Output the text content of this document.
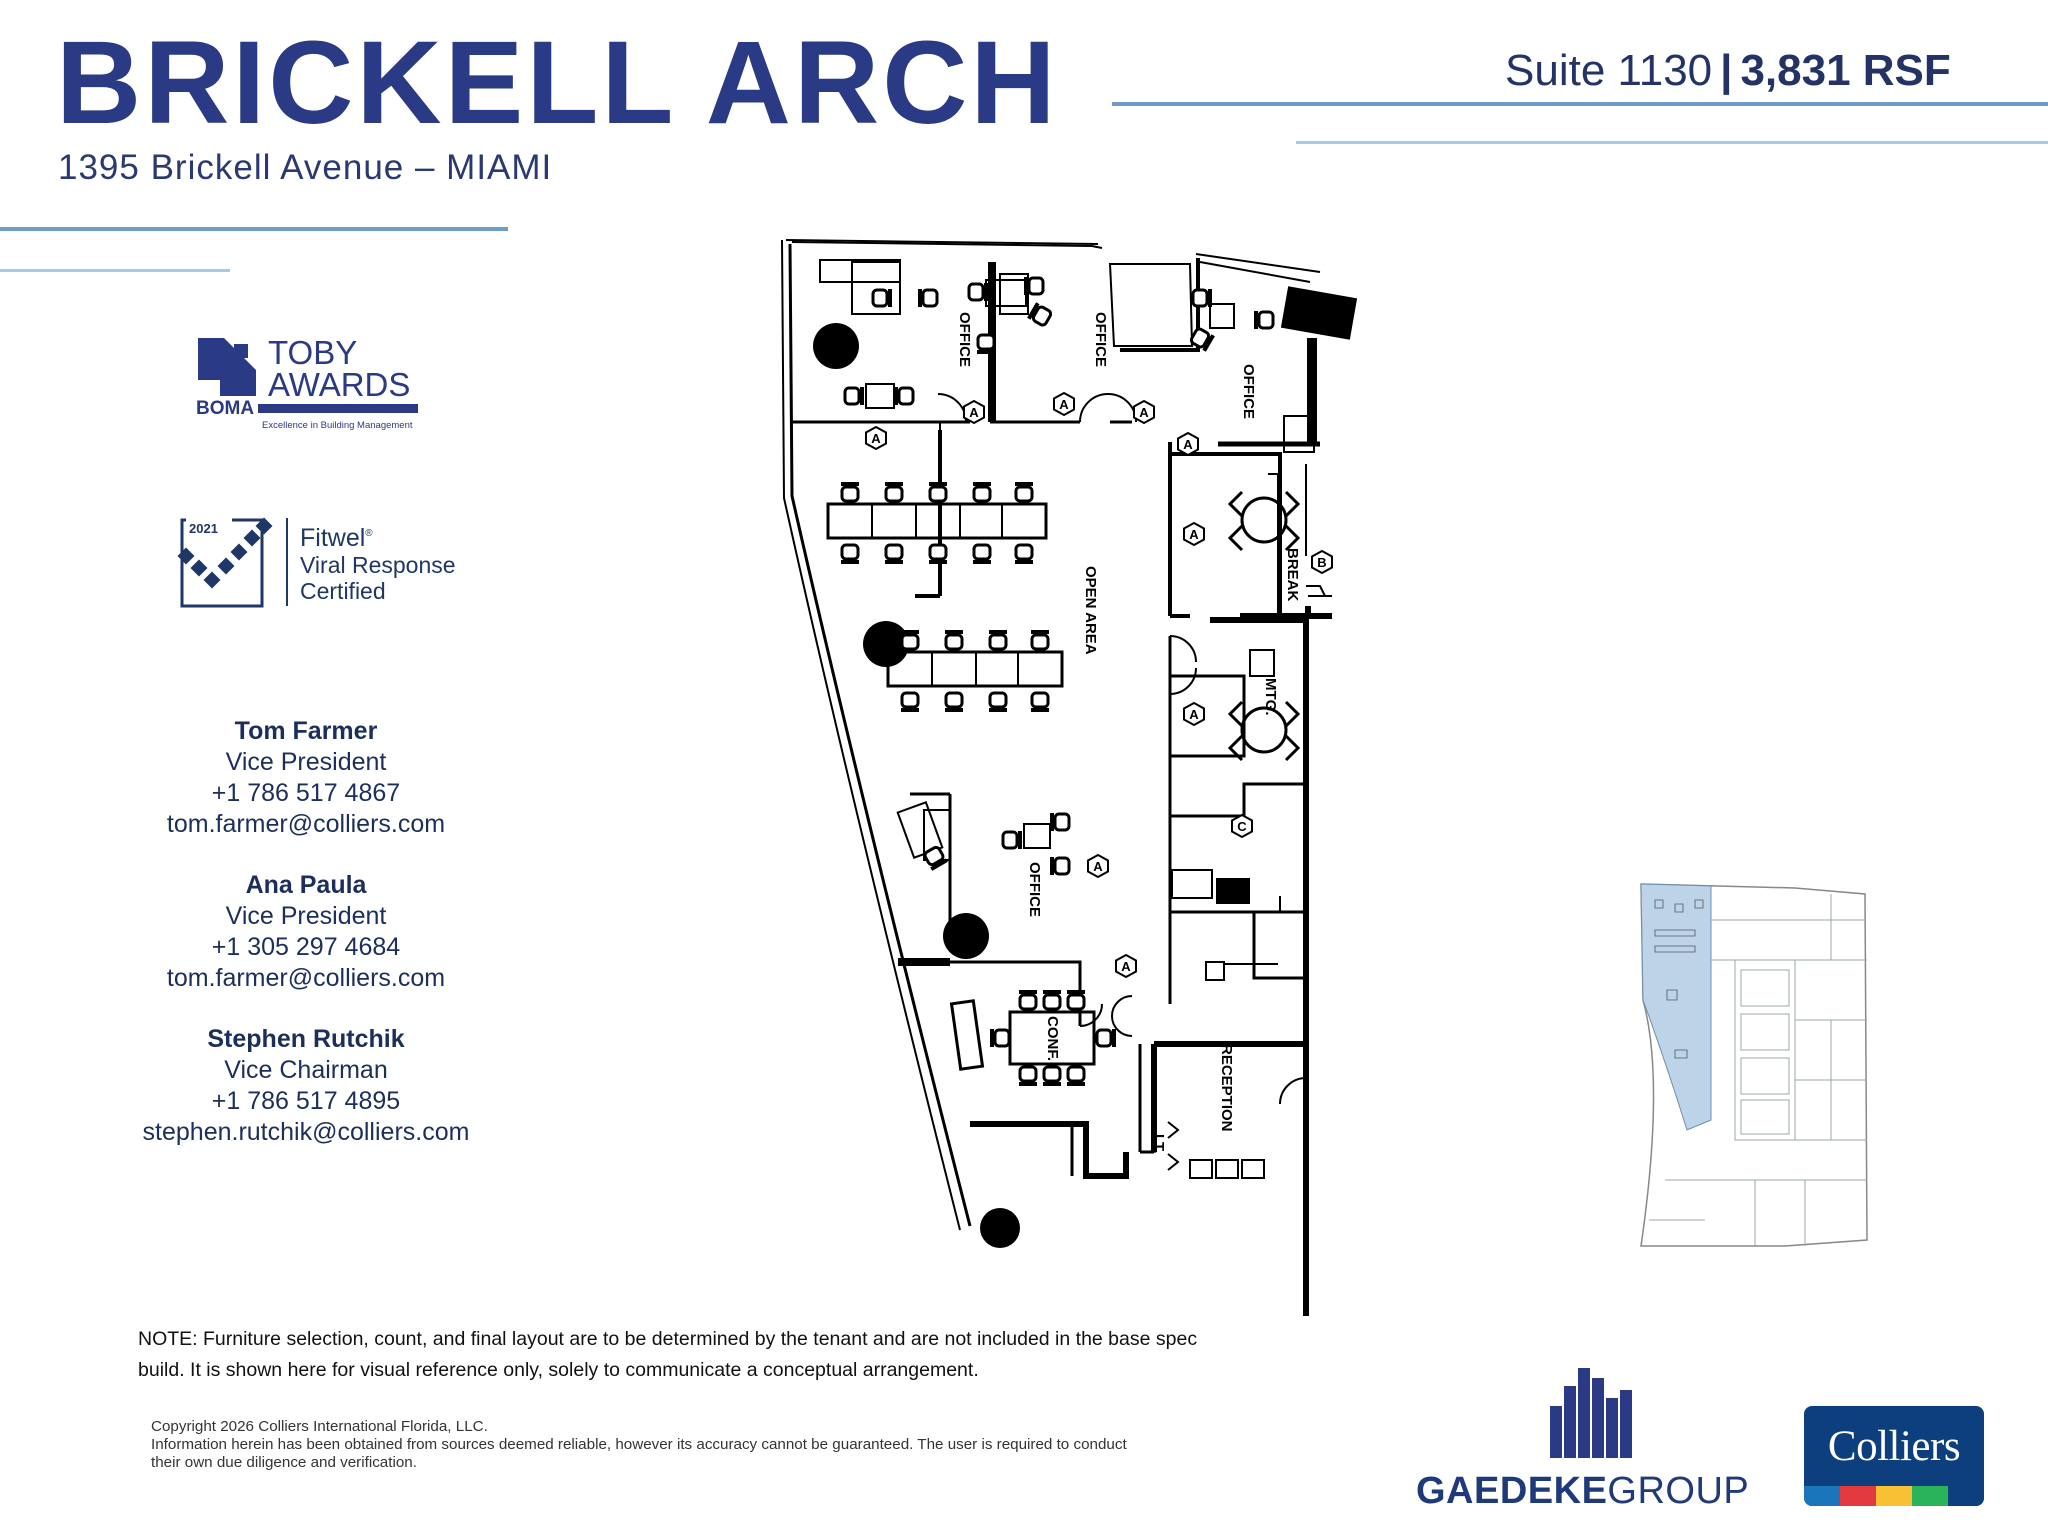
BRICKELL ARCH
1395 Brickell Avenue – MIAMI
Suite 1130 | 3,831 RSF
BOMA
TOBY
AWARDS
Excellence in Building Management
2021	Fitwel®
Viral Response
Certified
Tom Farmer
Vice President
+1 786 517 4867
tom.farmer@colliers.com
Ana Paula
Vice President
+1 305 297 4684
tom.farmer@colliers.com
Stephen Rutchik
Vice Chairman
+1 786 517 4895
stephen.rutchik@colliers.com
A
A
A
A
A
A
A
A
A
B
C
OFFICE	OFFICE
OFFICE
OFFICE
OPEN AREA	BREAK
MTG.
CONF.
RECEPTION
LT.
NOTE: Furniture selection, count, and final layout are to be determined by the tenant and are not included in the base spec build. It is shown here for visual reference only, solely to communicate a conceptual arrangement.
Copyright 2026 Colliers International Florida, LLC.
Information herein has been obtained from sources deemed reliable, however its accuracy cannot be guaranteed. The user is required to conduct their own due diligence and verification.
GAEDEKEGROUP
Colliers
